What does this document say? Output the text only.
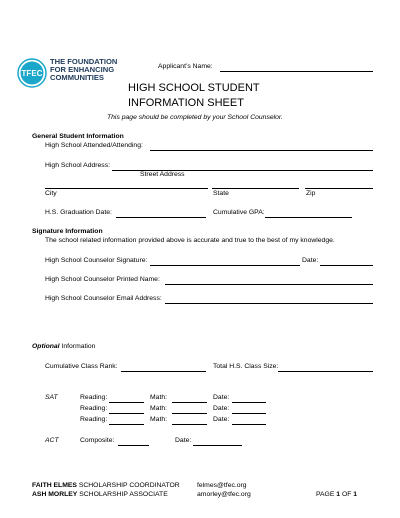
TFEC
THE FOUNDATION
FOR ENHANCING
COMMUNITIES
Applicant’s Name:
HIGH SCHOOL STUDENT
INFORMATION SHEET
This page should be completed by your School Counselor.
General Student Information
High School Attended/Attending:
High School Address:
Street Address
City	State	Zip
H.S. Graduation Date:	Cumulative GPA:
Signature Information
The school related information provided above is accurate and true to the best of my knowledge.
High School Counselor Signature:	Date:
High School Counselor Printed Name:
High School Counselor Email Address:
Optional Information
Cumulative Class Rank:	Total H.S. Class Size:
SAT	Reading:	Math:	Date:
Reading:	Math:	Date:
Reading:	Math:	Date:
ACT	Composite:	Date:
FAITH ELMES SCHOLARSHIP COORDINATOR
ASH MORLEY SCHOLARSHIP ASSOCIATE
felmes@tfec.org
amorley@tfec.org	PAGE 1 OF 1
